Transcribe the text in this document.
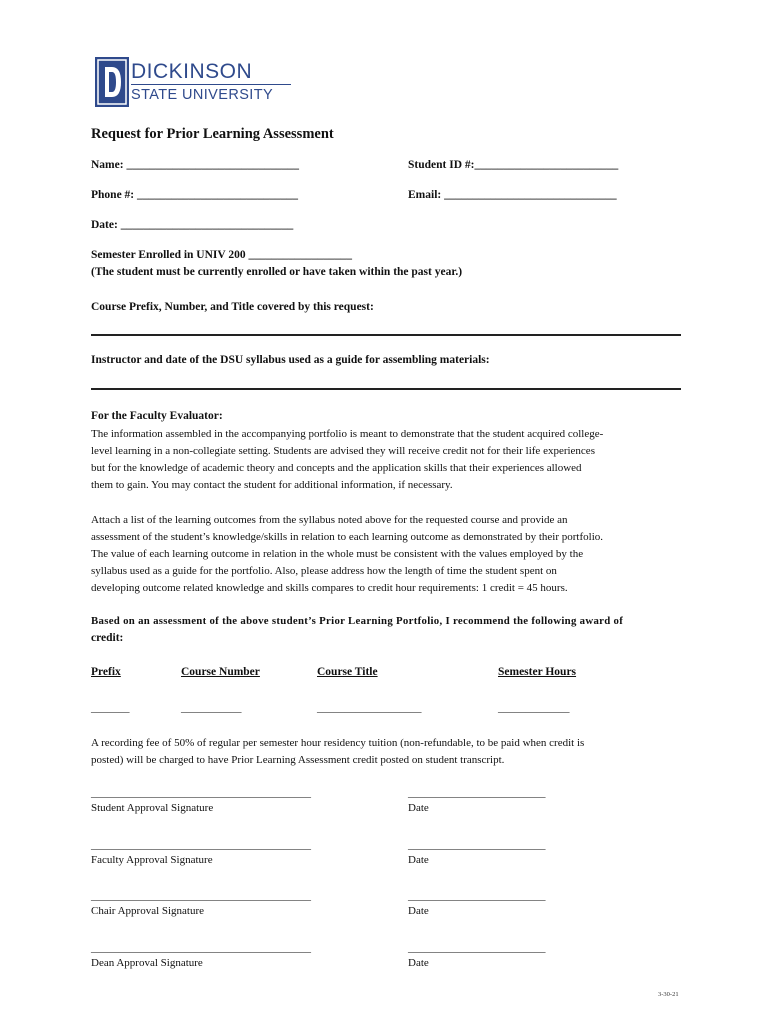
DICKINSON
STATE UNIVERSITY
Request for Prior Learning Assessment
Name: ______________________________	Student ID #:_________________________
Phone #: ____________________________	Email: ______________________________
Date: ______________________________
Semester Enrolled in UNIV 200 __________________
(The student must be currently enrolled or have taken within the past year.)
Course Prefix, Number, and Title covered by this request:
Instructor and date of the DSU syllabus used as a guide for assembling materials:
For the Faculty Evaluator:
The information assembled in the accompanying portfolio is meant to demonstrate that the student acquired college-
level learning in a non-collegiate setting. Students are advised they will receive credit not for their life experiences
but for the knowledge of academic theory and concepts and the application skills that their experiences allowed
them to gain. You may contact the student for additional information, if necessary.
Attach a list of the learning outcomes from the syllabus noted above for the requested course and provide an
assessment of the student’s knowledge/skills in relation to each learning outcome as demonstrated by their portfolio.
The value of each learning outcome in relation in the whole must be consistent with the values employed by the
syllabus used as a guide for the portfolio. Also, please address how the length of time the student spent on
developing outcome related knowledge and skills compares to credit hour requirements: 1 credit = 45 hours.
Based on an assessment of the above student’s Prior Learning Portfolio, I recommend the following award of
credit:
Prefix	Course Number	Course Title	Semester Hours
_______	___________	___________________	_____________
A recording fee of 50% of regular per semester hour residency tuition (non-refundable, to be paid when credit is
posted) will be charged to have Prior Learning Assessment credit posted on student transcript.
________________________________________	_________________________
Student Approval Signature	Date
________________________________________	_________________________
Faculty Approval Signature	Date
________________________________________	_________________________
Chair Approval Signature	Date
________________________________________	_________________________
Dean Approval Signature	Date
3-30-21
